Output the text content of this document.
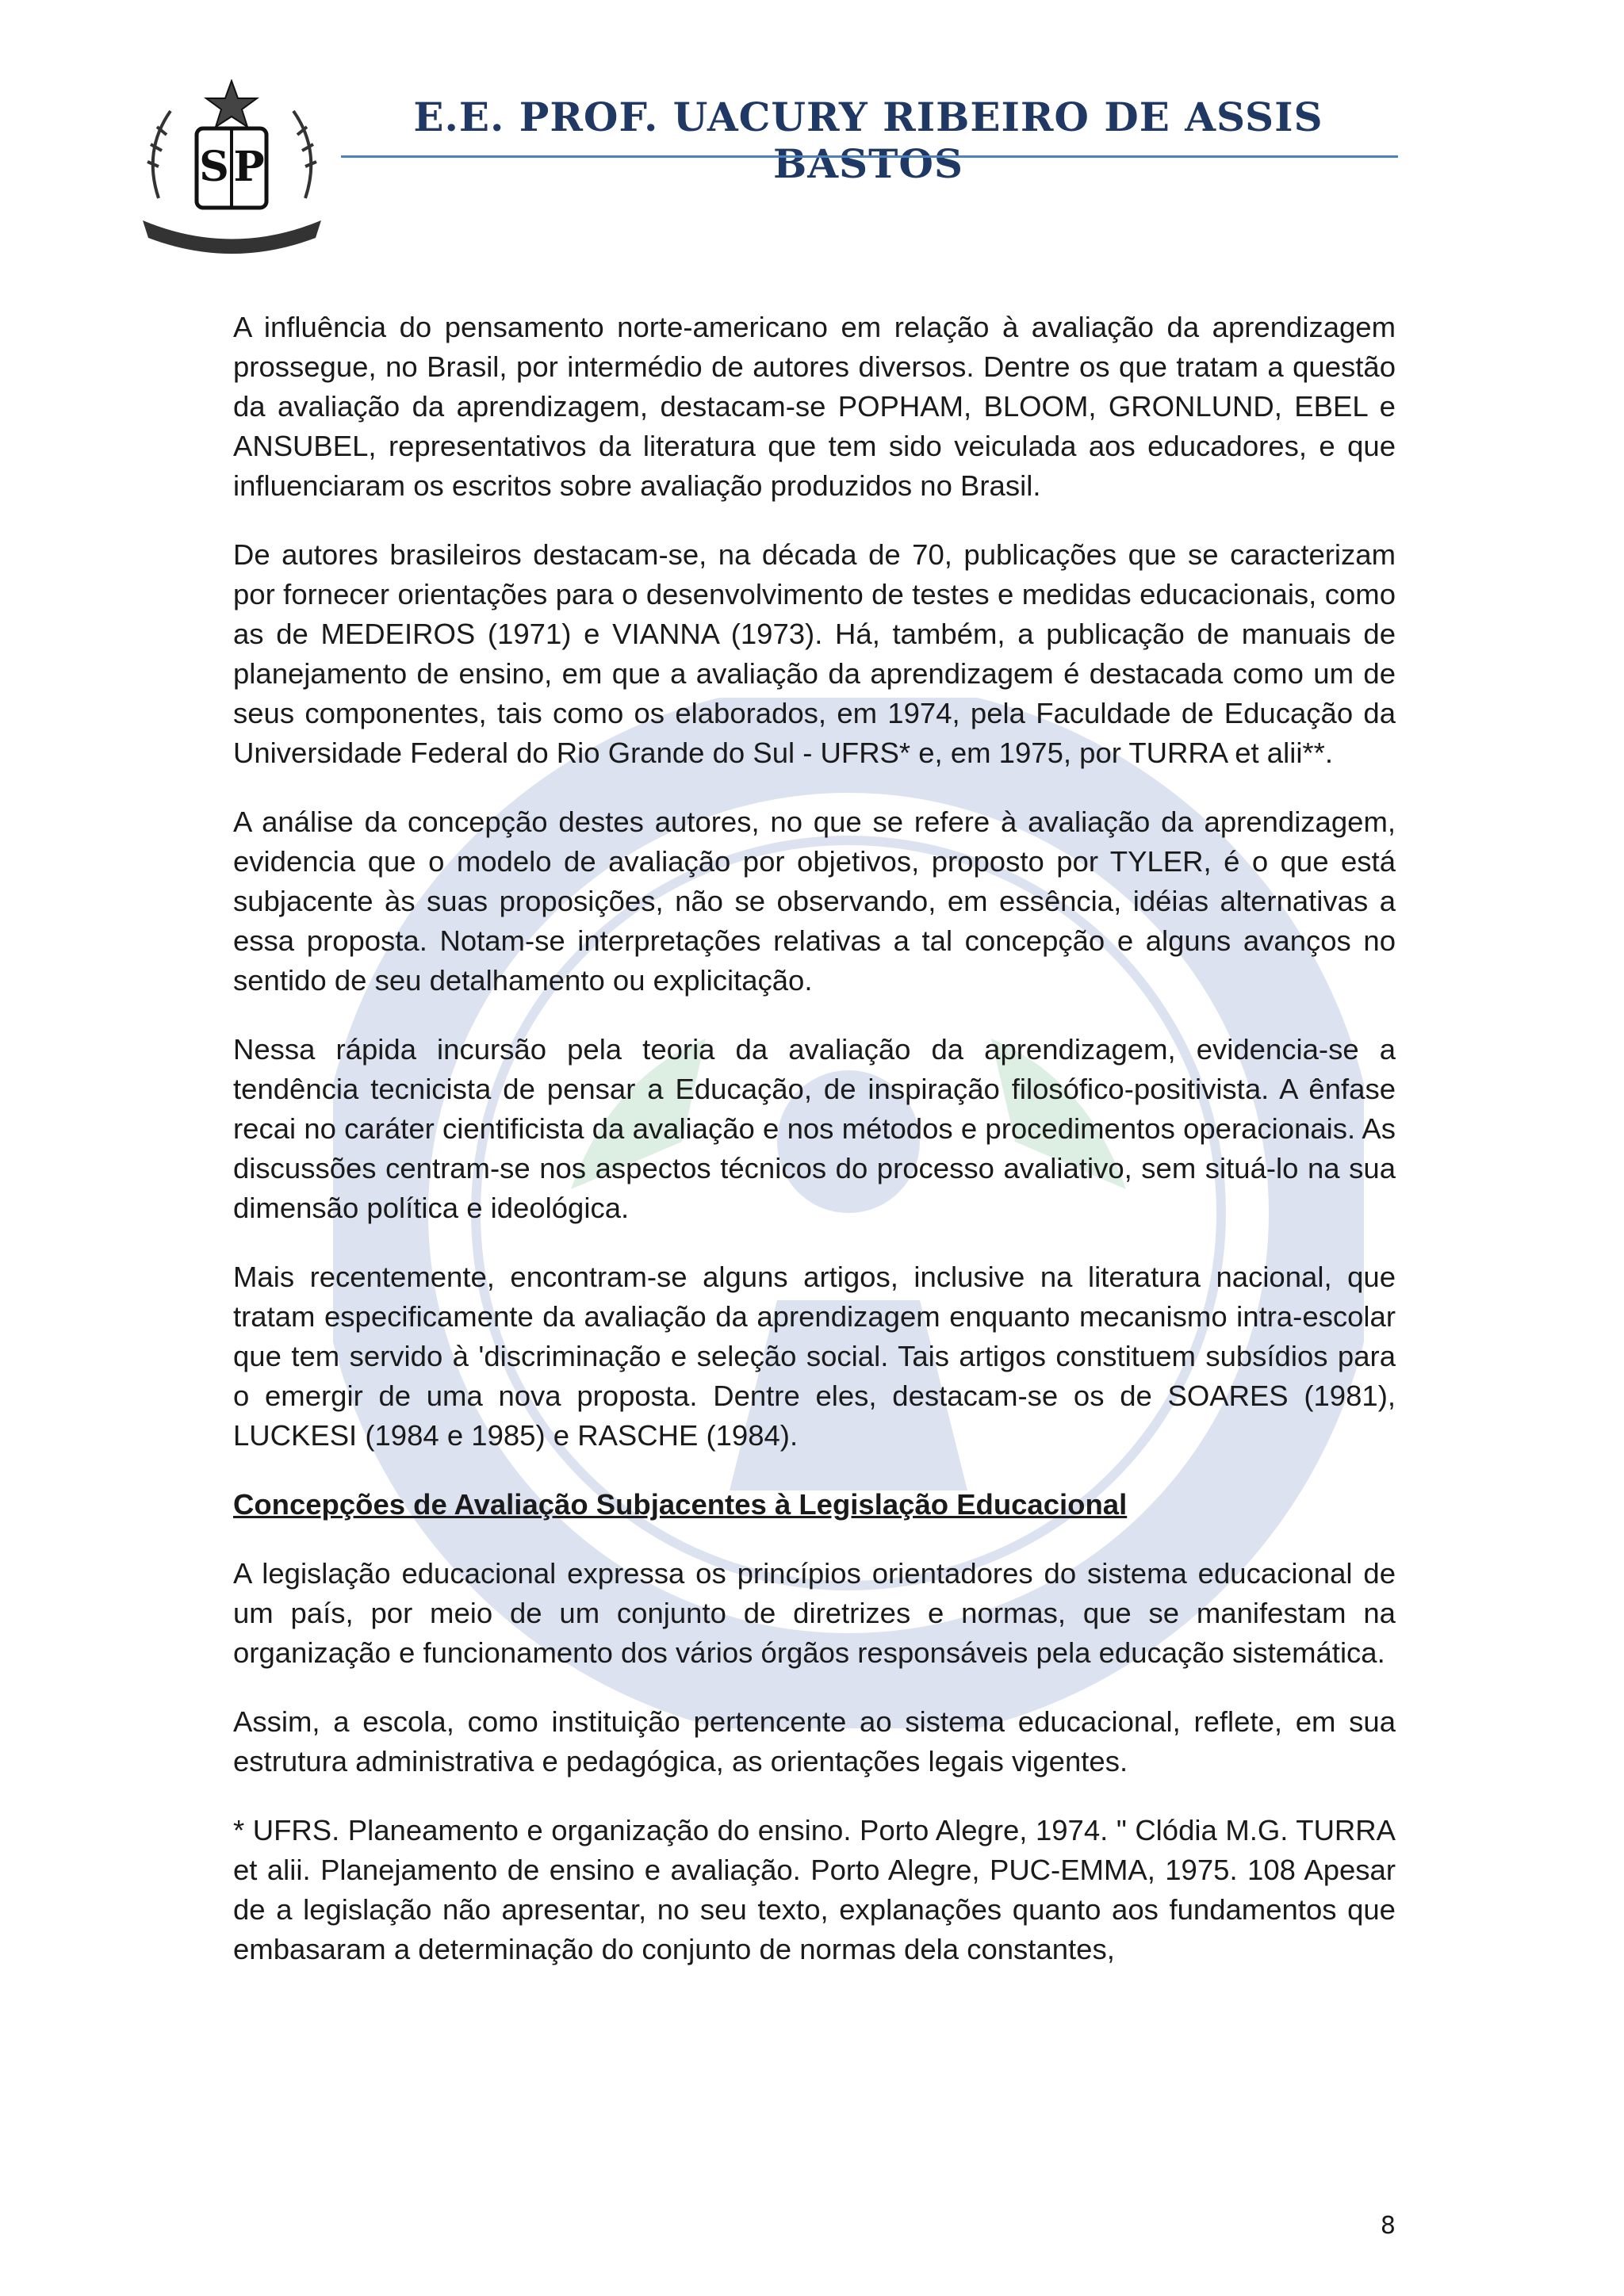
S P
E.E. PROF. UACURY RIBEIRO DE ASSIS BASTOS

A influência do pensamento norte-americano em relação à avaliação da aprendizagem prossegue, no Brasil, por intermédio de autores diversos. Dentre os que tratam a questão da avaliação da aprendizagem, destacam-se POPHAM, BLOOM, GRONLUND, EBEL e ANSUBEL, representativos da literatura que tem sido veiculada aos educadores, e que influenciaram os escritos sobre avaliação produzidos no Brasil.

De autores brasileiros destacam-se, na década de 70, publicações que se caracterizam por fornecer orientações para o desenvolvimento de testes e medidas educacionais, como as de MEDEIROS (1971) e VIANNA (1973). Há, também, a publicação de manuais de planejamento de ensino, em que a avaliação da aprendizagem é destacada como um de seus componentes, tais como os elaborados, em 1974, pela Faculdade de Educação da Universidade Federal do Rio Grande do Sul - UFRS* e, em 1975, por TURRA et alii**.

A análise da concepção destes autores, no que se refere à avaliação da aprendizagem, evidencia que o modelo de avaliação por objetivos, proposto por TYLER, é o que está subjacente às suas proposições, não se observando, em essência, idéias alternativas a essa proposta. Notam-se interpretações relativas a tal concepção e alguns avanços no sentido de seu detalhamento ou explicitação.

Nessa rápida incursão pela teoria da avaliação da aprendizagem, evidencia-se a tendência tecnicista de pensar a Educação, de inspiração filosófico-positivista. A ênfase recai no caráter cientificista da avaliação e nos métodos e procedimentos operacionais. As discussões centram-se nos aspectos técnicos do processo avaliativo, sem situá-lo na sua dimensão política e ideológica.

Mais recentemente, encontram-se alguns artigos, inclusive na literatura nacional, que tratam especificamente da avaliação da aprendizagem enquanto mecanismo intra-escolar que tem servido à 'discriminação e seleção social. Tais artigos constituem subsídios para o emergir de uma nova proposta. Dentre eles, destacam-se os de SOARES (1981), LUCKESI (1984 e 1985) e RASCHE (1984).

Concepções de Avaliação Subjacentes à Legislação Educacional

A legislação educacional expressa os princípios orientadores do sistema educacional de um país, por meio de um conjunto de diretrizes e normas, que se manifestam na organização e funcionamento dos vários órgãos responsáveis pela educação sistemática.

Assim, a escola, como instituição pertencente ao sistema educacional, reflete, em sua estrutura administrativa e pedagógica, as orientações legais vigentes.

* UFRS. Planeamento e organização do ensino. Porto Alegre, 1974. " Clódia M.G. TURRA et alii. Planejamento de ensino e avaliação. Porto Alegre, PUC-EMMA, 1975. 108 Apesar de a legislação não apresentar, no seu texto, explanações quanto aos fundamentos que embasaram a determinação do conjunto de normas dela constantes,

8
